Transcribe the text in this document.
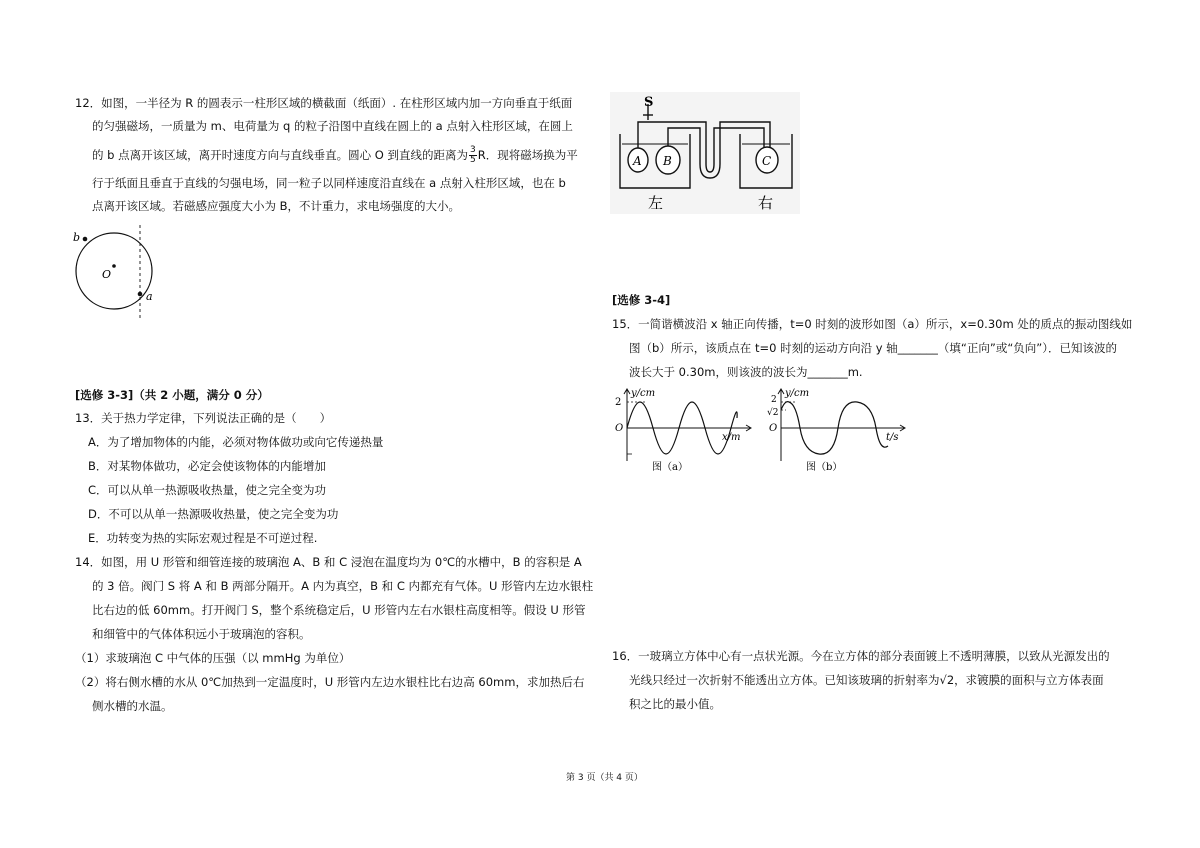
12．如图，一半径为 R 的圆表示一柱形区域的横截面（纸面）. 在柱形区域内加一方向垂直于纸面
的匀强磁场，一质量为 m、电荷量为 q 的粒子沿图中直线在圆上的 a 点射入柱形区域，在圆上
的 b 点离开该区域，离开时速度方向与直线垂直。圆心 O 到直线的距离为 $\frac{3}{5}$ R．现将磁场换为平
行于纸面且垂直于直线的匀强电场，同一粒子以同样速度沿直线在 a 点射入柱形区域，也在 b
点离开该区域。若磁感应强度大小为 B，不计重力，求电场强度的大小。
b
O
a
[选修 3-3]（共 2 小题，满分 0 分）
13．关于热力学定律，下列说法正确的是（　　）
A．为了增加物体的内能，必须对物体做功或向它传递热量
B．对某物体做功，必定会使该物体的内能增加
C．可以从单一热源吸收热量，使之完全变为功
D．不可以从单一热源吸收热量，使之完全变为功
E．功转变为热的实际宏观过程是不可逆过程.
14．如图，用 U 形管和细管连接的玻璃泡 A、B 和 C 浸泡在温度均为 0℃的水槽中，B 的容积是 A
的 3 倍。阀门 S 将 A 和 B 两部分隔开。A 内为真空，B 和 C 内都充有气体。U 形管内左边水银柱
比右边的低 60mm。打开阀门 S，整个系统稳定后，U 形管内左右水银柱高度相等。假设 U 形管
和细管中的气体体积远小于玻璃泡的容积。
（1）求玻璃泡 C 中气体的压强（以 mmHg 为单位）
（2）将右侧水槽的水从 0℃加热到一定温度时，U 形管内左边水银柱比右边高 60mm，求加热后右
侧水槽的水温。
S
A B	C
左	右
[选修 3-4]
15．一简谐横波沿 x 轴正向传播，t=0 时刻的波形如图（a）所示，x=0.30m 处的质点的振动图线如
图（b）所示，该质点在 t=0 时刻的运动方向沿 y 轴_______（填“正向”或“负向”）．已知该波的
波长大于 0.30m，则该波的波长为_______m.
y/cm
2
O
x/m
图（a）
y/cm
2
√2
O
t/s
图（b）
16．一玻璃立方体中心有一点状光源。今在立方体的部分表面镀上不透明薄膜，以致从光源发出的
光线只经过一次折射不能透出立方体。已知该玻璃的折射率为√2，求镀膜的面积与立方体表面
积之比的最小值。
第 3 页（共 4 页）
